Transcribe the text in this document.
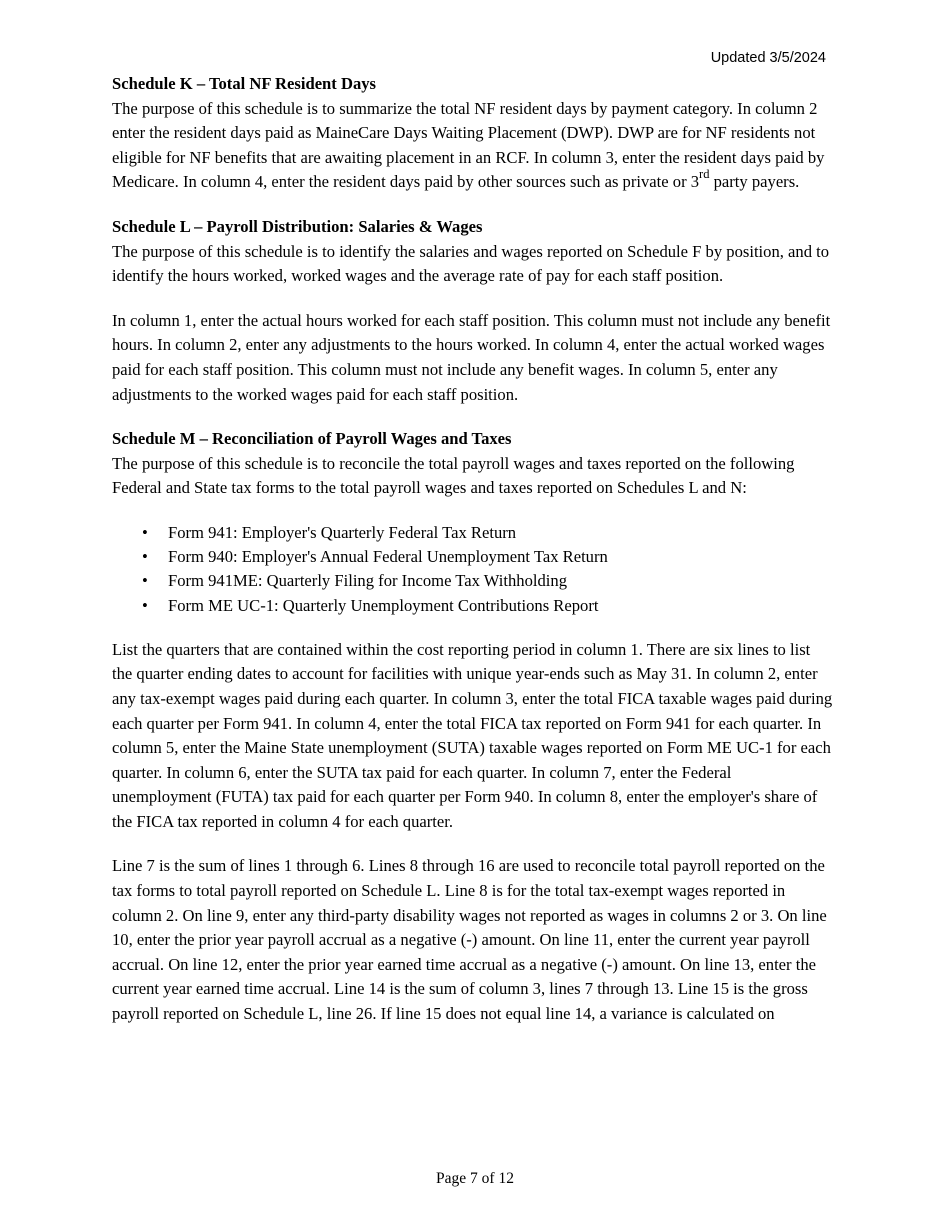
Updated 3/5/2024
Schedule K – Total NF Resident Days

The purpose of this schedule is to summarize the total NF resident days by payment category. In column 2 enter the resident days paid as MaineCare Days Waiting Placement (DWP). DWP are for NF residents not eligible for NF benefits that are awaiting placement in an RCF. In column 3, enter the resident days paid by Medicare. In column 4, enter the resident days paid by other sources such as private or 3rd party payers.

Schedule L – Payroll Distribution: Salaries & Wages

The purpose of this schedule is to identify the salaries and wages reported on Schedule F by position, and to identify the hours worked, worked wages and the average rate of pay for each staff position.

In column 1, enter the actual hours worked for each staff position. This column must not include any benefit hours. In column 2, enter any adjustments to the hours worked. In column 4, enter the actual worked wages paid for each staff position. This column must not include any benefit wages. In column 5, enter any adjustments to the worked wages paid for each staff position.

Schedule M – Reconciliation of Payroll Wages and Taxes

The purpose of this schedule is to reconcile the total payroll wages and taxes reported on the following Federal and State tax forms to the total payroll wages and taxes reported on Schedules L and N:

• Form 941: Employer's Quarterly Federal Tax Return
• Form 940: Employer's Annual Federal Unemployment Tax Return
• Form 941ME: Quarterly Filing for Income Tax Withholding
• Form ME UC-1: Quarterly Unemployment Contributions Report

List the quarters that are contained within the cost reporting period in column 1. There are six lines to list the quarter ending dates to account for facilities with unique year-ends such as May 31. In column 2, enter any tax-exempt wages paid during each quarter. In column 3, enter the total FICA taxable wages paid during each quarter per Form 941. In column 4, enter the total FICA tax reported on Form 941 for each quarter. In column 5, enter the Maine State unemployment (SUTA) taxable wages reported on Form ME UC-1 for each quarter. In column 6, enter the SUTA tax paid for each quarter. In column 7, enter the Federal unemployment (FUTA) tax paid for each quarter per Form 940. In column 8, enter the employer's share of the FICA tax reported in column 4 for each quarter.

Line 7 is the sum of lines 1 through 6. Lines 8 through 16 are used to reconcile total payroll reported on the tax forms to total payroll reported on Schedule L. Line 8 is for the total tax-exempt wages reported in column 2. On line 9, enter any third-party disability wages not reported as wages in columns 2 or 3. On line 10, enter the prior year payroll accrual as a negative (-) amount. On line 11, enter the current year payroll accrual. On line 12, enter the prior year earned time accrual as a negative (-) amount. On line 13, enter the current year earned time accrual. Line 14 is the sum of column 3, lines 7 through 13. Line 15 is the gross payroll reported on Schedule L, line 26. If line 15 does not equal line 14, a variance is calculated on

Page 7 of 12
